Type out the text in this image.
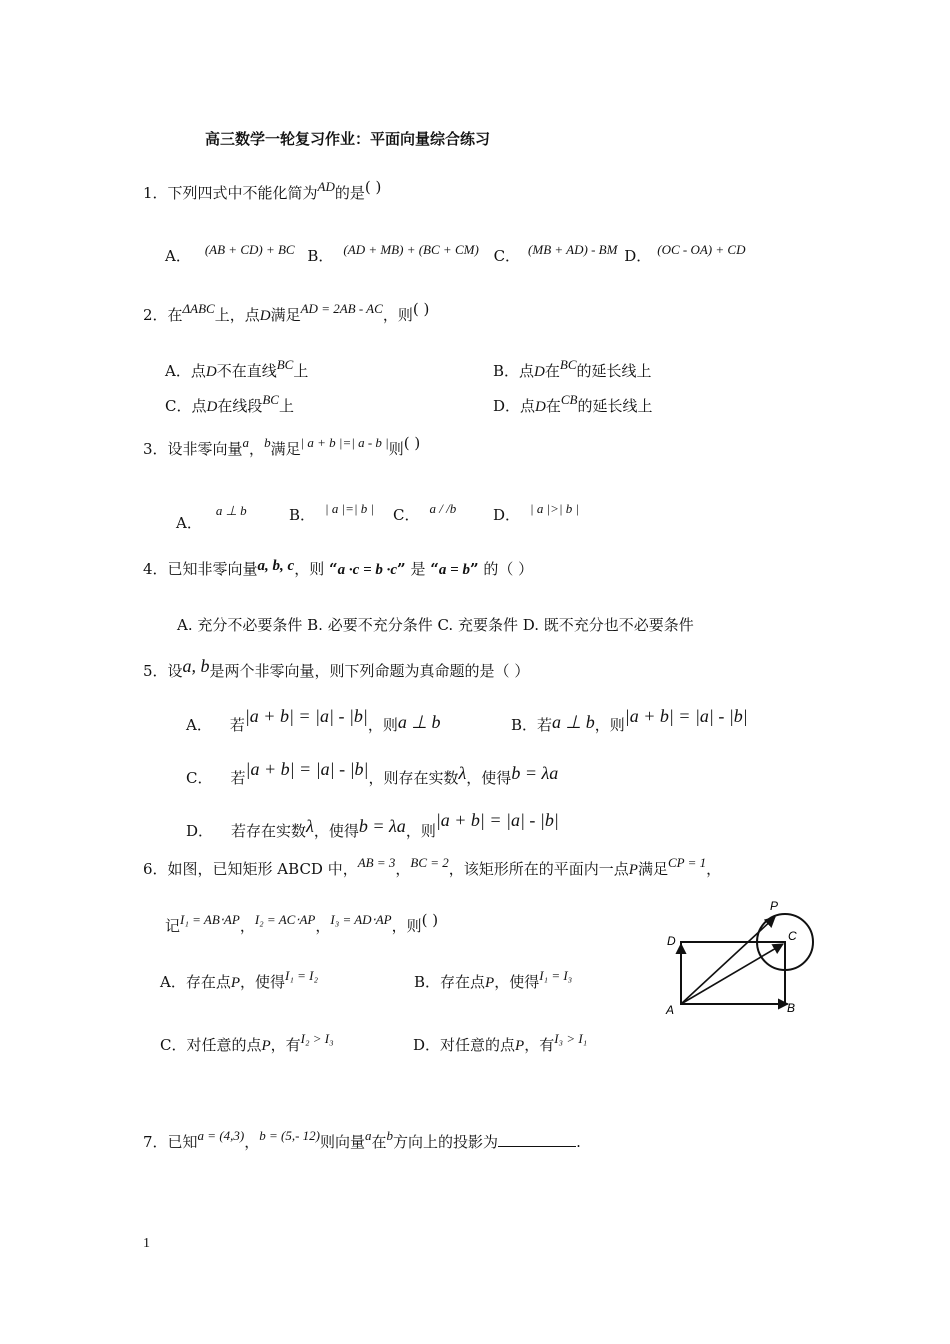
高三数学一轮复习作业：平面向量综合练习
1．下列四式中不能化简为AD的是( )
A． (AB + CD) + BC B． (AD + MB) + (BC + CM) C． (MB + AD) - BM D． (OC - OA) + CD
2．在ΔABC上，点D满足AD = 2AB - AC，则( )
A．点D不在直线BC上	B．点D在BC的延长线上
C．点D在线段BC上	D．点D在CB的延长线上
3．设非零向量a，b满足| a + b |=| a - b |则( )
A．a ⊥ b	B． | a |=| b | C． a / /b D． | a |>| b |
4．已知非零向量a, b, c，则 “a ·c = b ·c” 是 “a = b” 的（ ）
A. 充分不必要条件 B. 必要不充分条件 C. 充要条件 D. 既不充分也不必要条件
5．设a, b是两个非零向量，则下列命题为真命题的是（ ）
A． 若|a + b| = |a| - |b|，则a ⊥ b	B．若a ⊥ b，则|a + b| = |a| - |b|
C． 若|a + b| = |a| - |b|，则存在实数λ，使得b = λa
D． 若存在实数λ，使得b = λa，则|a + b| = |a| - |b|
6．如图，已知矩形 ABCD 中，AB = 3，BC = 2，该矩形所在的平面内一点P满足CP = 1，
记I₁ = AB⋅AP，I₂ = AC⋅AP，I₃ = AD⋅AP，则( )
A．存在点P，使得I₁ = I₂	B．存在点P，使得I₁ = I₃
C．对任意的点P，有I₂ > I₃	D．对任意的点P，有I₃ > I₁
A	B
C
D
P
7．已知a = (4,3)，b = (5,- 12)则向量a在b方向上的投影为	.
1
